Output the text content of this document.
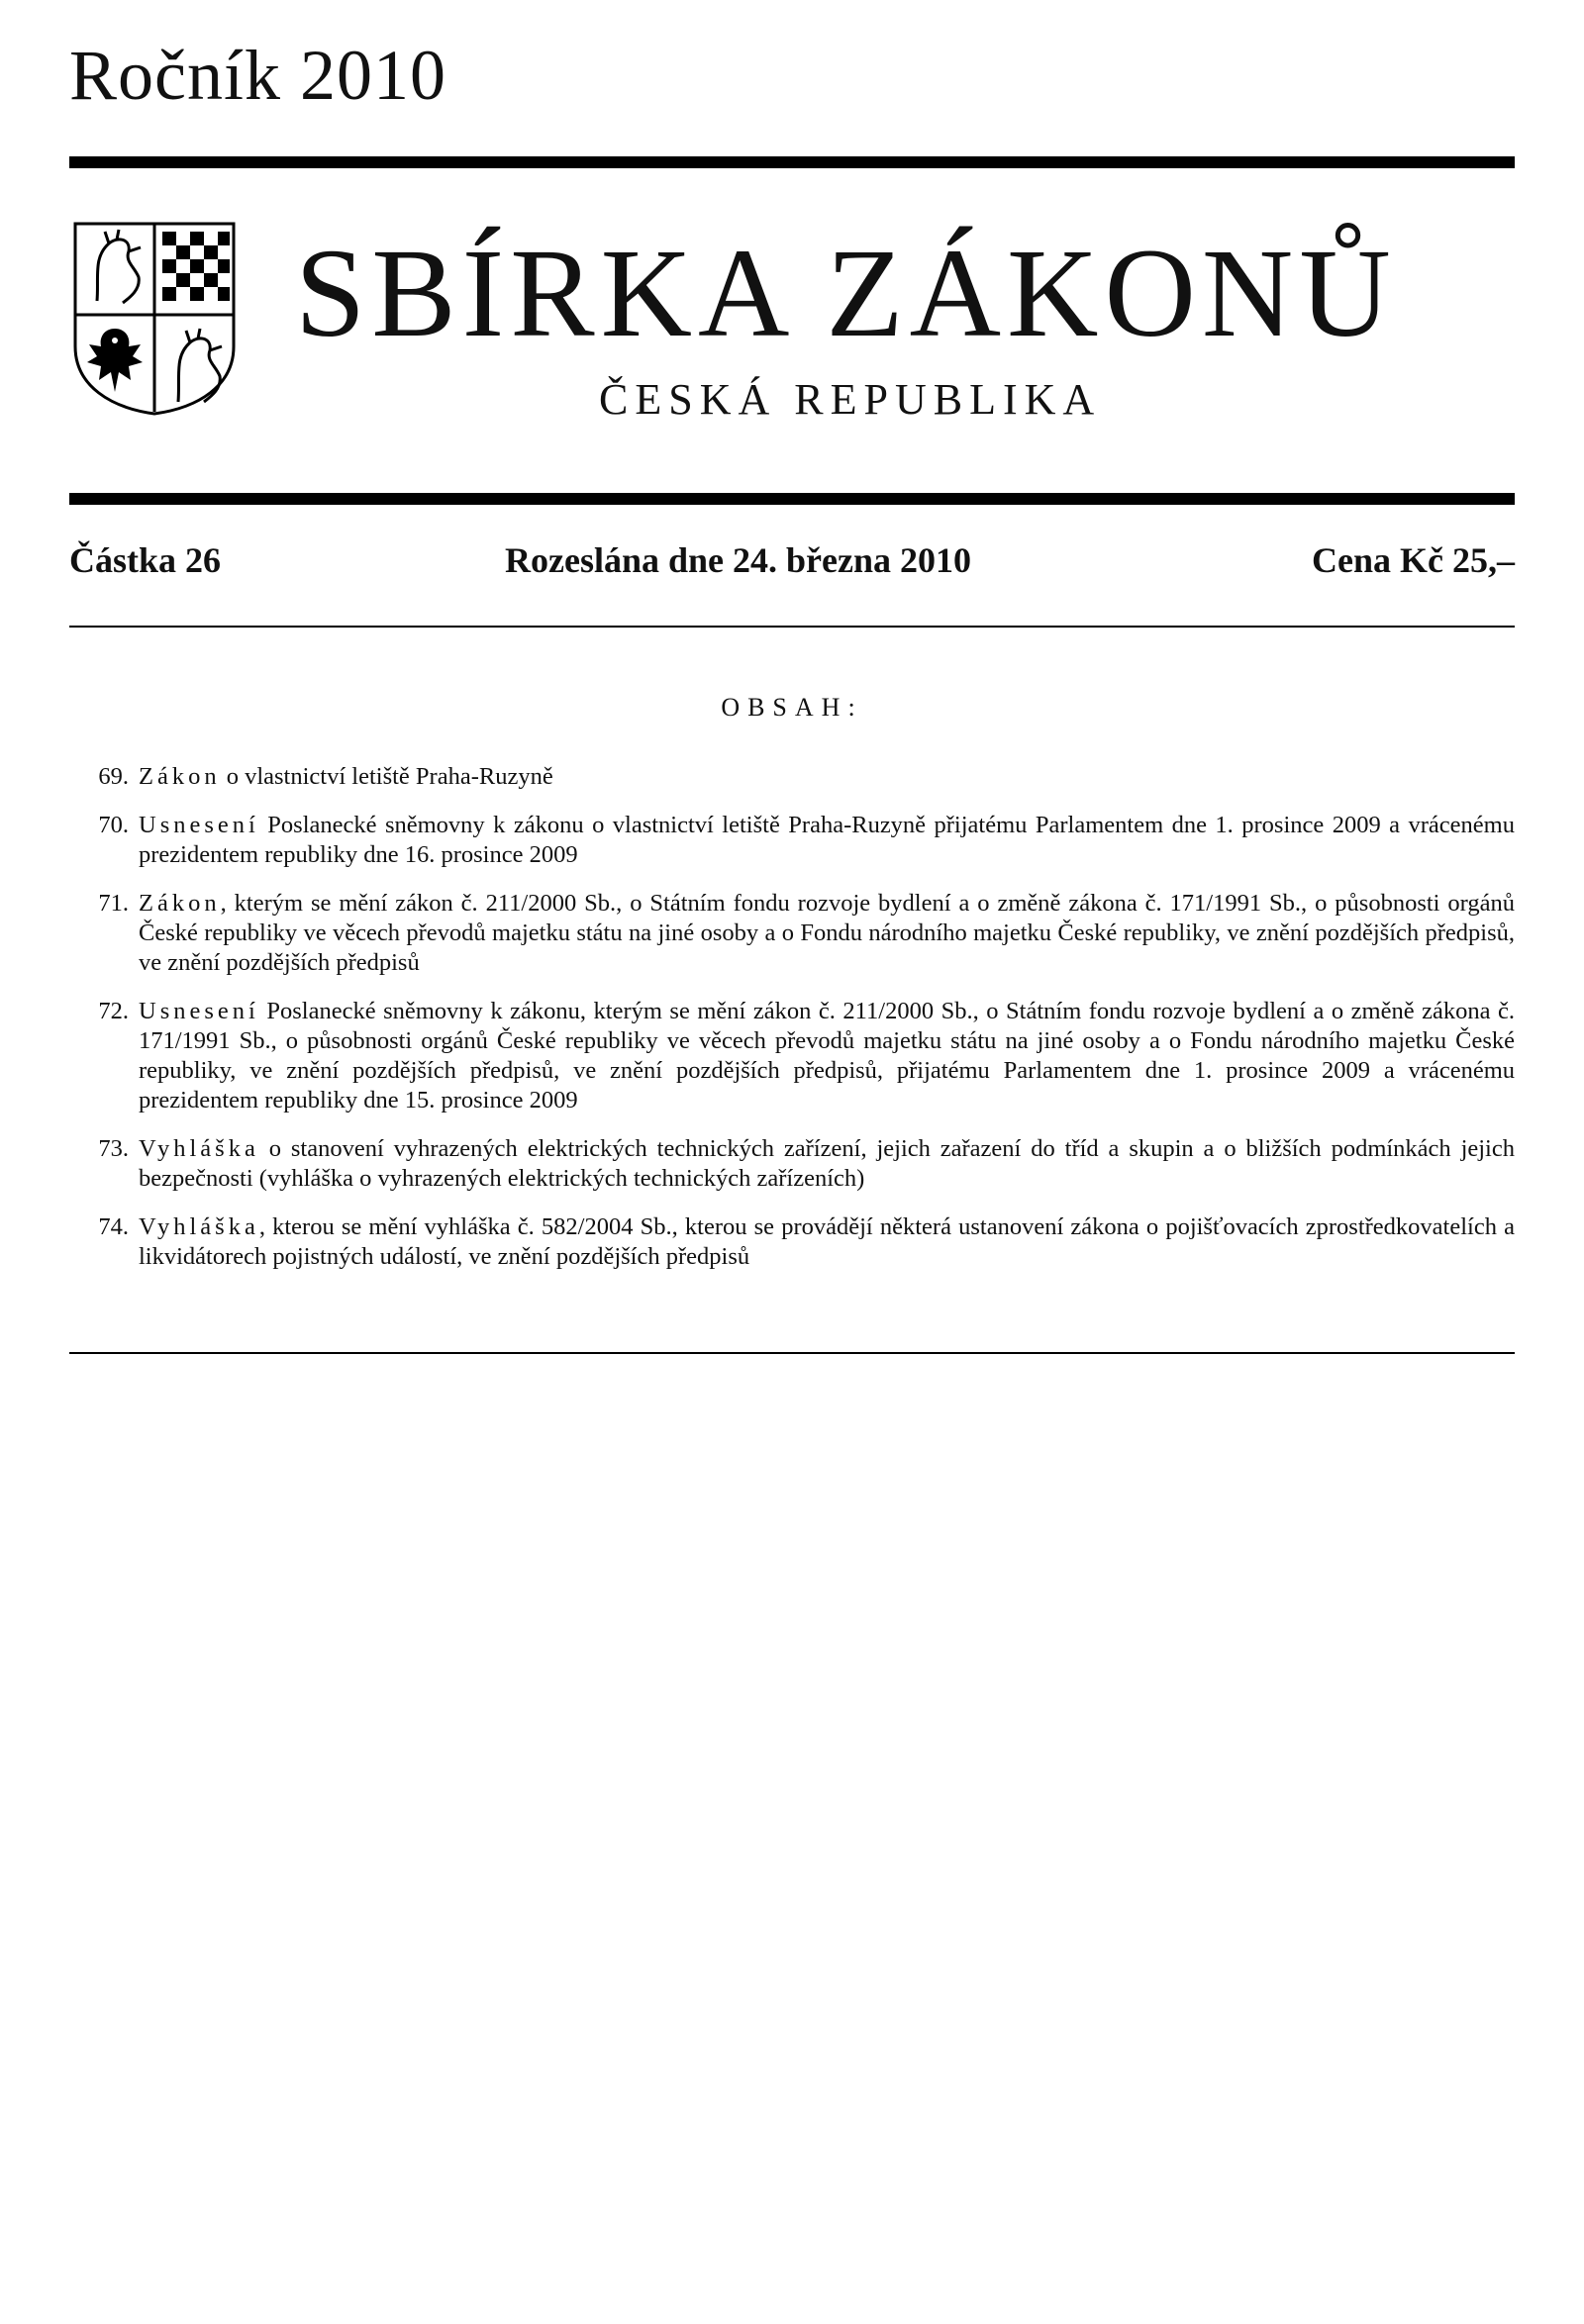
Ročník 2010
SBÍRKA ZÁKONŮ
ČESKÁ REPUBLIKA
Částka 26	Rozeslána dne 24. března 2010	Cena Kč 25,–
OBSAH:
69. Zákon o vlastnictví letiště Praha-Ruzyně
70. Usnesení Poslanecké sněmovny k zákonu o vlastnictví letiště Praha-Ruzyně přijatému Parlamentem dne 1. prosince 2009 a vrácenému prezidentem republiky dne 16. prosince 2009
71. Zákon, kterým se mění zákon č. 211/2000 Sb., o Státním fondu rozvoje bydlení a o změně zákona č. 171/1991 Sb., o působnosti orgánů České republiky ve věcech převodů majetku státu na jiné osoby a o Fondu národního majetku České republiky, ve znění pozdějších předpisů, ve znění pozdějších předpisů
72. Usnesení Poslanecké sněmovny k zákonu, kterým se mění zákon č. 211/2000 Sb., o Státním fondu rozvoje bydlení a o změně zákona č. 171/1991 Sb., o působnosti orgánů České republiky ve věcech převodů majetku státu na jiné osoby a o Fondu národního majetku České republiky, ve znění pozdějších předpisů, ve znění pozdějších předpisů, přijatému Parlamentem dne 1. prosince 2009 a vrácenému prezidentem republiky dne 15. prosince 2009
73. Vyhláška o stanovení vyhrazených elektrických technických zařízení, jejich zařazení do tříd a skupin a o bližších podmínkách jejich bezpečnosti (vyhláška o vyhrazených elektrických technických zařízeních)
74. Vyhláška, kterou se mění vyhláška č. 582/2004 Sb., kterou se provádějí některá ustanovení zákona o pojišťovacích zprostředkovatelích a likvidátorech pojistných událostí, ve znění pozdějších předpisů
